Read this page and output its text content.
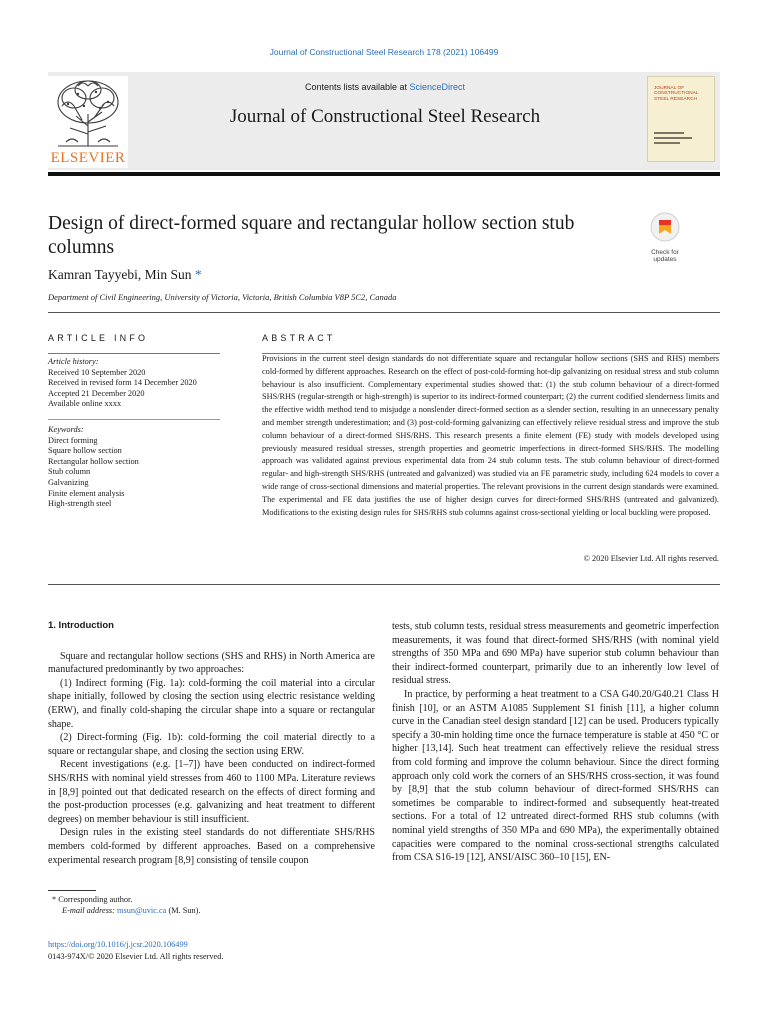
Journal of Constructional Steel Research 178 (2021) 106499
ELSEVIER
Contents lists available at ScienceDirect
Journal of Constructional Steel Research
JOURNAL OF CONSTRUCTIONAL STEEL RESEARCH
Design of direct-formed square and rectangular hollow section stub columns	Check for updates
Kamran Tayyebi, Min Sun *
Department of Civil Engineering, University of Victoria, Victoria, British Columbia V8P 5C2, Canada
ARTICLE INFO
Article history:
Received 10 September 2020
Received in revised form 14 December 2020
Accepted 21 December 2020
Available online xxxx
Keywords:
Direct forming
Square hollow section
Rectangular hollow section
Stub column
Galvanizing
Finite element analysis
High-strength steel
ABSTRACT
Provisions in the current steel design standards do not differentiate square and rectangular hollow sections (SHS and RHS) members cold-formed by different approaches. Research on the effect of post-cold-forming hot-dip galvanizing on residual stress and stub column behaviour is also insufficient. Complementary experimental studies showed that: (1) the stub column behaviour of a direct-formed SHS/RHS (regular-strength or high-strength) is superior to its indirect-formed counterpart; (2) the current codified slenderness limits and the effective width method tend to misjudge a nonslender direct-formed section as a slender section, resulting in an unnecessary penalty and member strength underestimation; and (3) post-cold-forming galvanizing can effectively relieve residual stress and improve the stub column behaviour of a direct-formed SHS/RHS. This research presents a finite element (FE) study with models developed using previously measured residual stresses, strength properties and geometric imperfections in direct-formed SHS/RHS. The modelling approach was validated against previous experimental data from 24 stub column tests. The stub column behaviour of direct-formed regular- and high-strength SHS/RHS (untreated and galvanized) was studied via an FE parametric study, including 624 models to cover a wide range of cross-sectional dimensions and material properties. The relevant provisions in the current design standards were examined. The experimental and FE data justifies the use of higher design curves for direct-formed SHS/RHS (untreated and galvanized). Modifications to the existing design rules for SHS/RHS stub columns against cross-sectional yielding or local buckling were proposed.
© 2020 Elsevier Ltd. All rights reserved.
1. Introduction

Square and rectangular hollow sections (SHS and RHS) in North America are manufactured predominantly by two approaches:

(1) Indirect forming (Fig. 1a): cold-forming the coil material into a circular shape initially, followed by closing the section using electric resistance welding (ERW), and finally cold-shaping the circular shape into a square or rectangular shape.

(2) Direct-forming (Fig. 1b): cold-forming the coil material directly to a square or rectangular shape, and closing the section using ERW.

Recent investigations (e.g. [1–7]) have been conducted on indirect-formed SHS/RHS with nominal yield stresses from 460 to 1100 MPa. Literature reviews in [8,9] pointed out that dedicated research on the effects of direct forming and the post-production processes (e.g. galvanizing and heat treatment to different degrees) on member behaviour is still insufficient.

Design rules in the existing steel standards do not differentiate SHS/RHS members cold-formed by different approaches. Based on a comprehensive experimental research program [8,9] consisting of tensile coupon

tests, stub column tests, residual stress measurements and geometric imperfection measurements, it was found that direct-formed SHS/RHS (with nominal yield strengths of 350 MPa and 690 MPa) have superior stub column behaviour than their indirect-formed counterpart, primarily due to an inherently low level of residual stress.

In practice, by performing a heat treatment to a CSA G40.20/G40.21 Class H finish [10], or an ASTM A1085 Supplement S1 finish [11], a higher column curve in the Canadian steel design standard [12] can be used. Producers typically specify a 30-min holding time once the furnace temperature is stable at 450 °C or higher [13,14]. Such heat treatment can effectively relieve the residual stress from cold forming and improve the column behaviour. Since the direct forming approach only cold work the corners of an SHS/RHS cross-section, it was found by [8,9] that the stub column behaviour of direct-formed SHS/RHS can sometimes be comparable to indirect-formed and subsequently heat-treated sections. For a total of 12 untreated direct-formed RHS stub columns (with nominal yield strengths of 350 MPa and 690 MPa), the experimentally obtained capacities were compared to the nominal cross-sectional strengths calculated from CSA S16-19 [12], ANSI/AISC 360–10 [15], EN-

* Corresponding author.
E-mail address: msun@uvic.ca (M. Sun).
https://doi.org/10.1016/j.jcsr.2020.106499
0143-974X/© 2020 Elsevier Ltd. All rights reserved.
